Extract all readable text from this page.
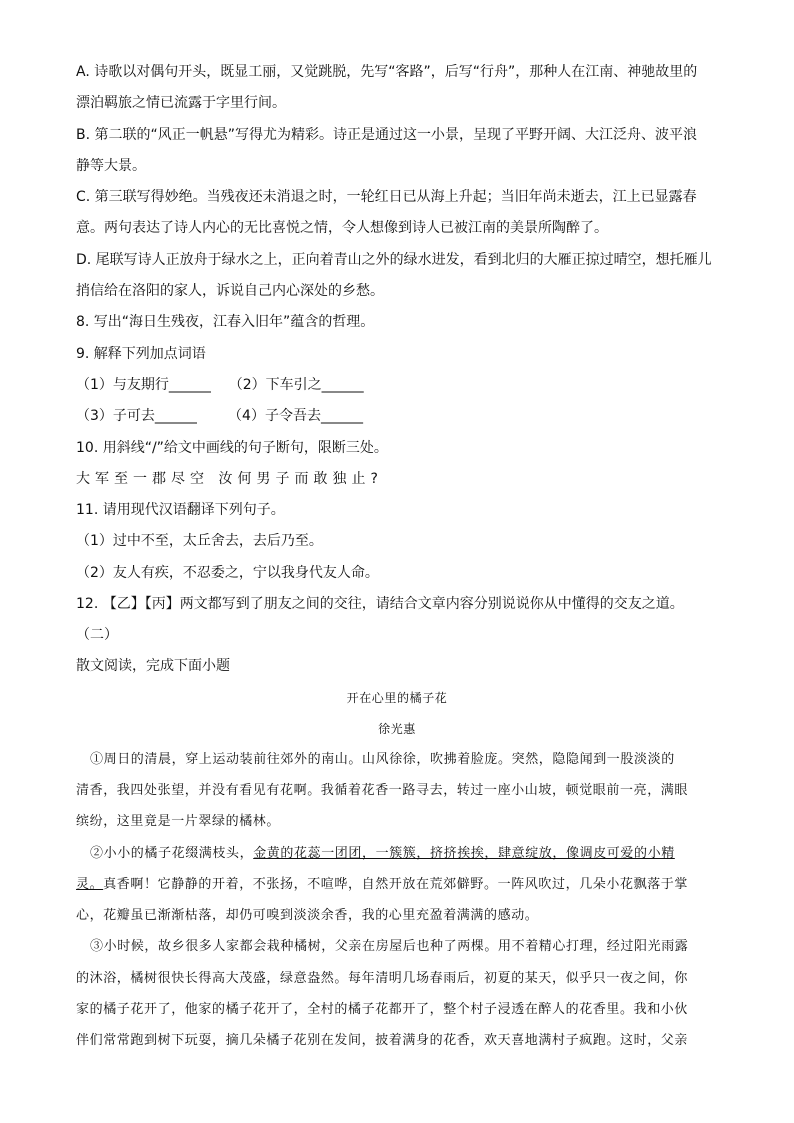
A. 诗歌以对偶句开头，既显工丽，又觉跳脱，先写“客路”，后写“行舟”，那种人在江南、神驰故里的
漂泊羁旅之情已流露于字里行间。
B. 第二联的“风正一帆悬”写得尤为精彩。诗正是通过这一小景，呈现了平野开阔、大江泛舟、波平浪
静等大景。
C. 第三联写得妙绝。当残夜还未消退之时，一轮红日已从海上升起；当旧年尚未逝去，江上已显露春
意。两句表达了诗人内心的无比喜悦之情，令人想像到诗人已被江南的美景所陶醉了。
D. 尾联写诗人正放舟于绿水之上，正向着青山之外的绿水进发，看到北归的大雁正掠过晴空，想托雁儿
捎信给在洛阳的家人，诉说自己内心深处的乡愁。
8. 写出“海日生残夜，江春入旧年”蕴含的哲理。
9. 解释下列加点词语
（1）与友期行______    （2）下车引之______
（3）子可去______       （4）子令吾去______
10. 用斜线“/”给文中画线的句子断句，限断三处。
大军至一郡尽空 汝何男子而敢独止?
11. 请用现代汉语翻译下列句子。
（1）过中不至，太丘舍去，去后乃至。
（2）友人有疾，不忍委之，宁以我身代友人命。
12. 【乙】【丙】两文都写到了朋友之间的交往，请结合文章内容分别说说你从中懂得的交友之道。
（二）
散文阅读，完成下面小题
开在心里的橘子花
徐光惠
①周日的清晨，穿上运动装前往郊外的南山。山风徐徐，吹拂着脸庞。突然，隐隐闻到一股淡淡的
清香，我四处张望，并没有看见有花啊。我循着花香一路寻去，转过一座小山坡，顿觉眼前一亮，满眼
缤纷，这里竟是一片翠绿的橘林。
②小小的橘子花缀满枝头，金黄的花蕊一团团，一簇簇，挤挤挨挨，肆意绽放，像调皮可爱的小精
灵。真香啊！它静静的开着，不张扬，不喧哗，自然开放在荒郊僻野。一阵风吹过，几朵小花飘落于掌
心，花瓣虽已渐渐枯落，却仍可嗅到淡淡余香，我的心里充盈着满满的感动。
③小时候，故乡很多人家都会栽种橘树，父亲在房屋后也种了两棵。用不着精心打理，经过阳光雨露
的沐浴，橘树很快长得高大茂盛，绿意盎然。每年清明几场春雨后，初夏的某天，似乎只一夜之间，你
家的橘子花开了，他家的橘子花开了，全村的橘子花都开了，整个村子浸透在醉人的花香里。我和小伙
伴们常常跑到树下玩耍，摘几朵橘子花别在发间，披着满身的花香，欢天喜地满村子疯跑。这时，父亲
